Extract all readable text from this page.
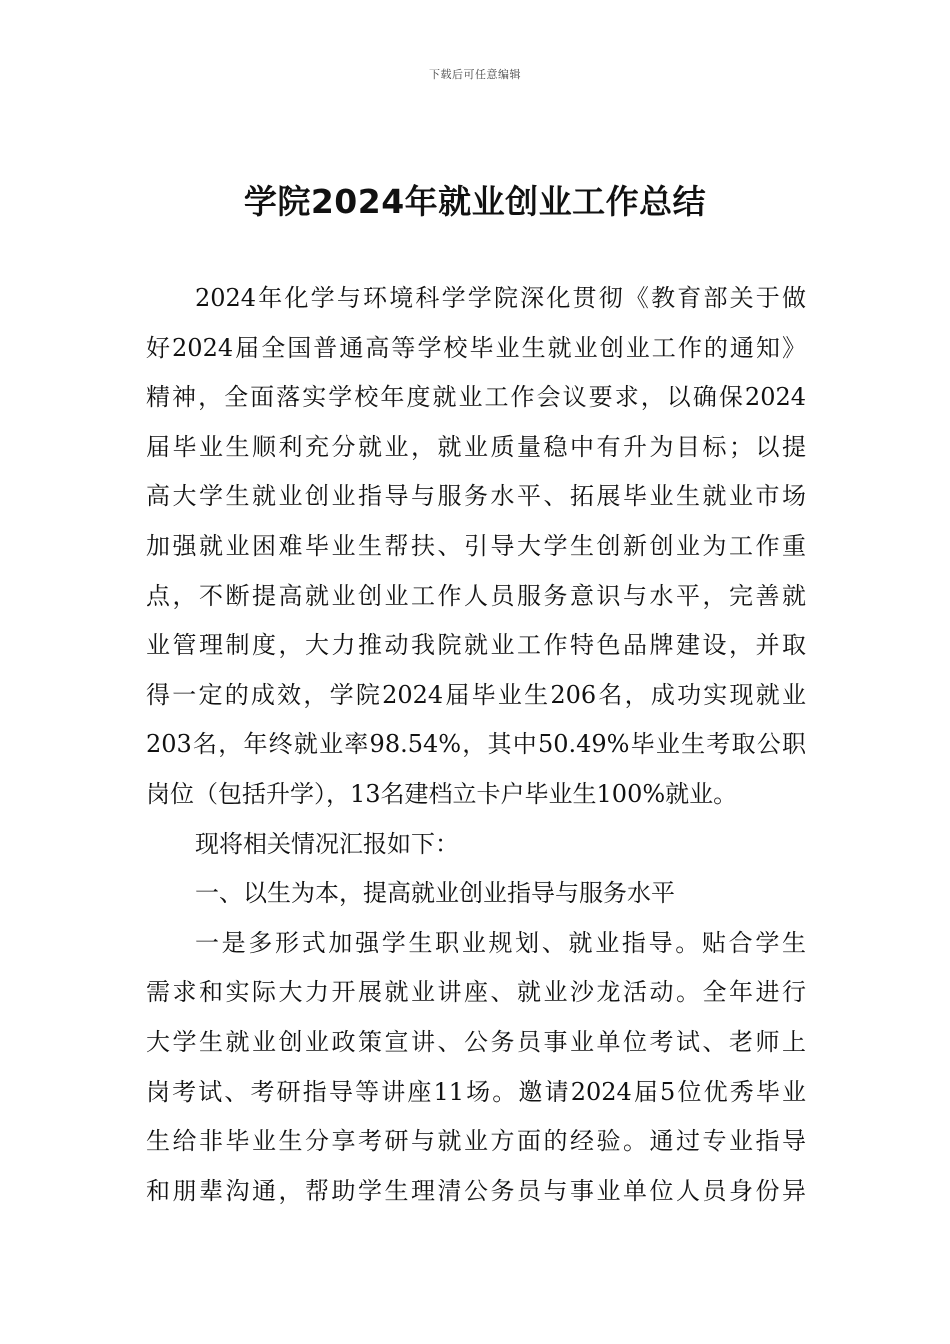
下载后可任意编辑
学院2024年就业创业工作总结
2024年化学与环境科学学院深化贯彻《教育部关于做
好2024届全国普通高等学校毕业生就业创业工作的通知》
精神，全面落实学校年度就业工作会议要求，以确保2024
届毕业生顺利充分就业，就业质量稳中有升为目标；以提
高大学生就业创业指导与服务水平、拓展毕业生就业市场
加强就业困难毕业生帮扶、引导大学生创新创业为工作重
点，不断提高就业创业工作人员服务意识与水平，完善就
业管理制度，大力推动我院就业工作特色品牌建设，并取
得一定的成效，学院2024届毕业生206名，成功实现就业
203名，年终就业率98.54%，其中50.49%毕业生考取公职
岗位（包括升学），13名建档立卡户毕业生100%就业。
现将相关情况汇报如下：
一、以生为本，提高就业创业指导与服务水平
一是多形式加强学生职业规划、就业指导。贴合学生
需求和实际大力开展就业讲座、就业沙龙活动。全年进行
大学生就业创业政策宣讲、公务员事业单位考试、老师上
岗考试、考研指导等讲座11场。邀请2024届5位优秀毕业
生给非毕业生分享考研与就业方面的经验。通过专业指导
和朋辈沟通，帮助学生理清公务员与事业单位人员身份异
